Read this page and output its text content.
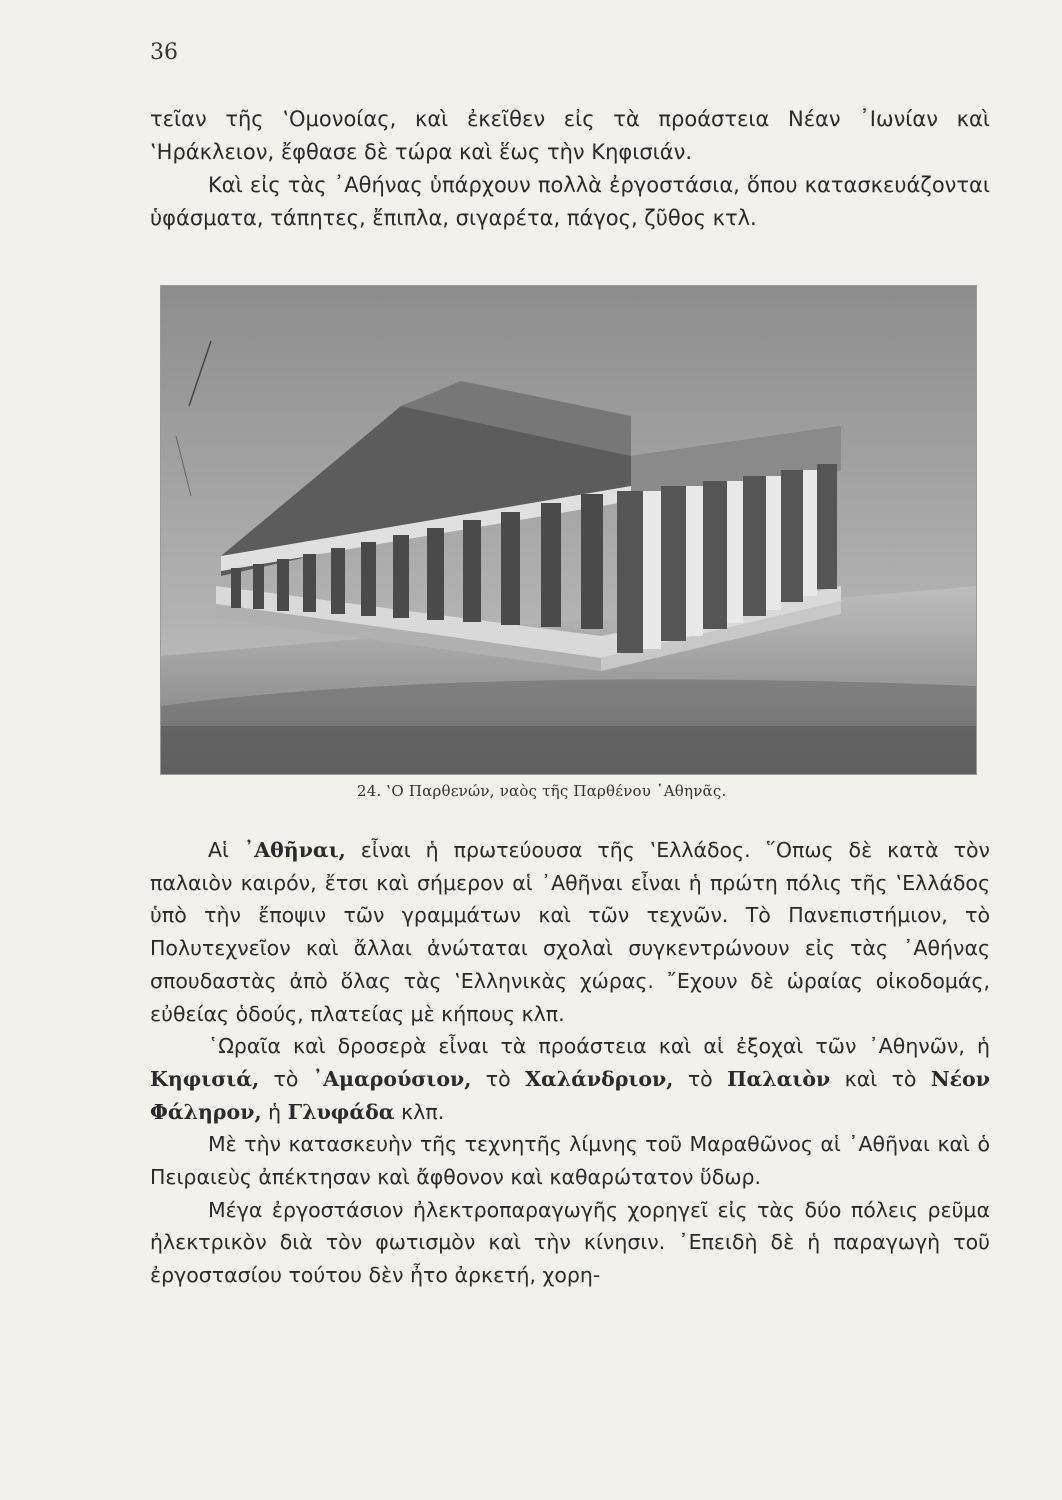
36

τεῖαν τῆς ‛Ομονοίας, καὶ ἐκεῖθεν εἰς τὰ προάστεια Νέαν ᾿Ιωνίαν καὶ ‛Ηράκλειον, ἔφθασε δὲ τώρα καὶ ἕως τὴν Κηφισιάν.

Καὶ εἰς τὰς ᾿Αθήνας ὑπάρχουν πολλὰ ἐργοστάσια, ὅπου κατασκευάζονται ὑφάσματα, τάπητες, ἔπιπλα, σιγαρέτα, πάγος, ζῦθος κτλ.

24. ‛Ο Παρθενών, ναὸς τῆς Παρθένου ᾿Αθηνᾶς.

Αἱ ᾿Αθῆναι, εἶναι ἡ πρωτεύουσα τῆς ‛Ελλάδος. ῞Οπως δὲ κατὰ τὸν παλαιὸν καιρόν, ἔτσι καὶ σήμερον αἱ ᾿Αθῆναι εἶναι ἡ πρώτη πόλις τῆς ‛Ελλάδος ὑπὸ τὴν ἔποψιν τῶν γραμμάτων καὶ τῶν τεχνῶν. Τὸ Πανεπιστήμιον, τὸ Πολυτεχνεῖον καὶ ἄλλαι ἀνώταται σχολαὶ συγκεντρώνουν εἰς τὰς ᾿Αθήνας σπουδαστὰς ἀπὸ ὅλας τὰς ‛Ελληνικὰς χώρας. ῎Εχουν δὲ ὡραίας οἰκοδομάς, εὐθείας ὁδούς, πλατείας μὲ κήπους κλπ.

῾Ωραῖα καὶ δροσερὰ εἶναι τὰ προάστεια καὶ αἱ ἐξοχαὶ τῶν ᾿Αθηνῶν, ἡ Κηφισιά, τὸ ᾿Αμαρούσιον, τὸ Χαλάνδριον, τὸ Παλαιὸν καὶ τὸ Νέον Φάληρον, ἡ Γλυφάδα κλπ.

Μὲ τὴν κατασκευὴν τῆς τεχνητῆς λίμνης τοῦ Μαραθῶνος αἱ ᾿Αθῆναι καὶ ὁ Πειραιεὺς ἀπέκτησαν καὶ ἄφθονον καὶ καθαρώτατον ὕδωρ.

Μέγα ἐργοστάσιον ἠλεκτροπαραγωγῆς χορηγεῖ εἰς τὰς δύο πόλεις ρεῦμα ἠλεκτρικὸν διὰ τὸν φωτισμὸν καὶ τὴν κίνησιν. ᾿Επειδὴ δὲ ἡ παραγωγὴ τοῦ ἐργοστασίου τούτου δὲν ἦτο ἀρκετή, χορη-
